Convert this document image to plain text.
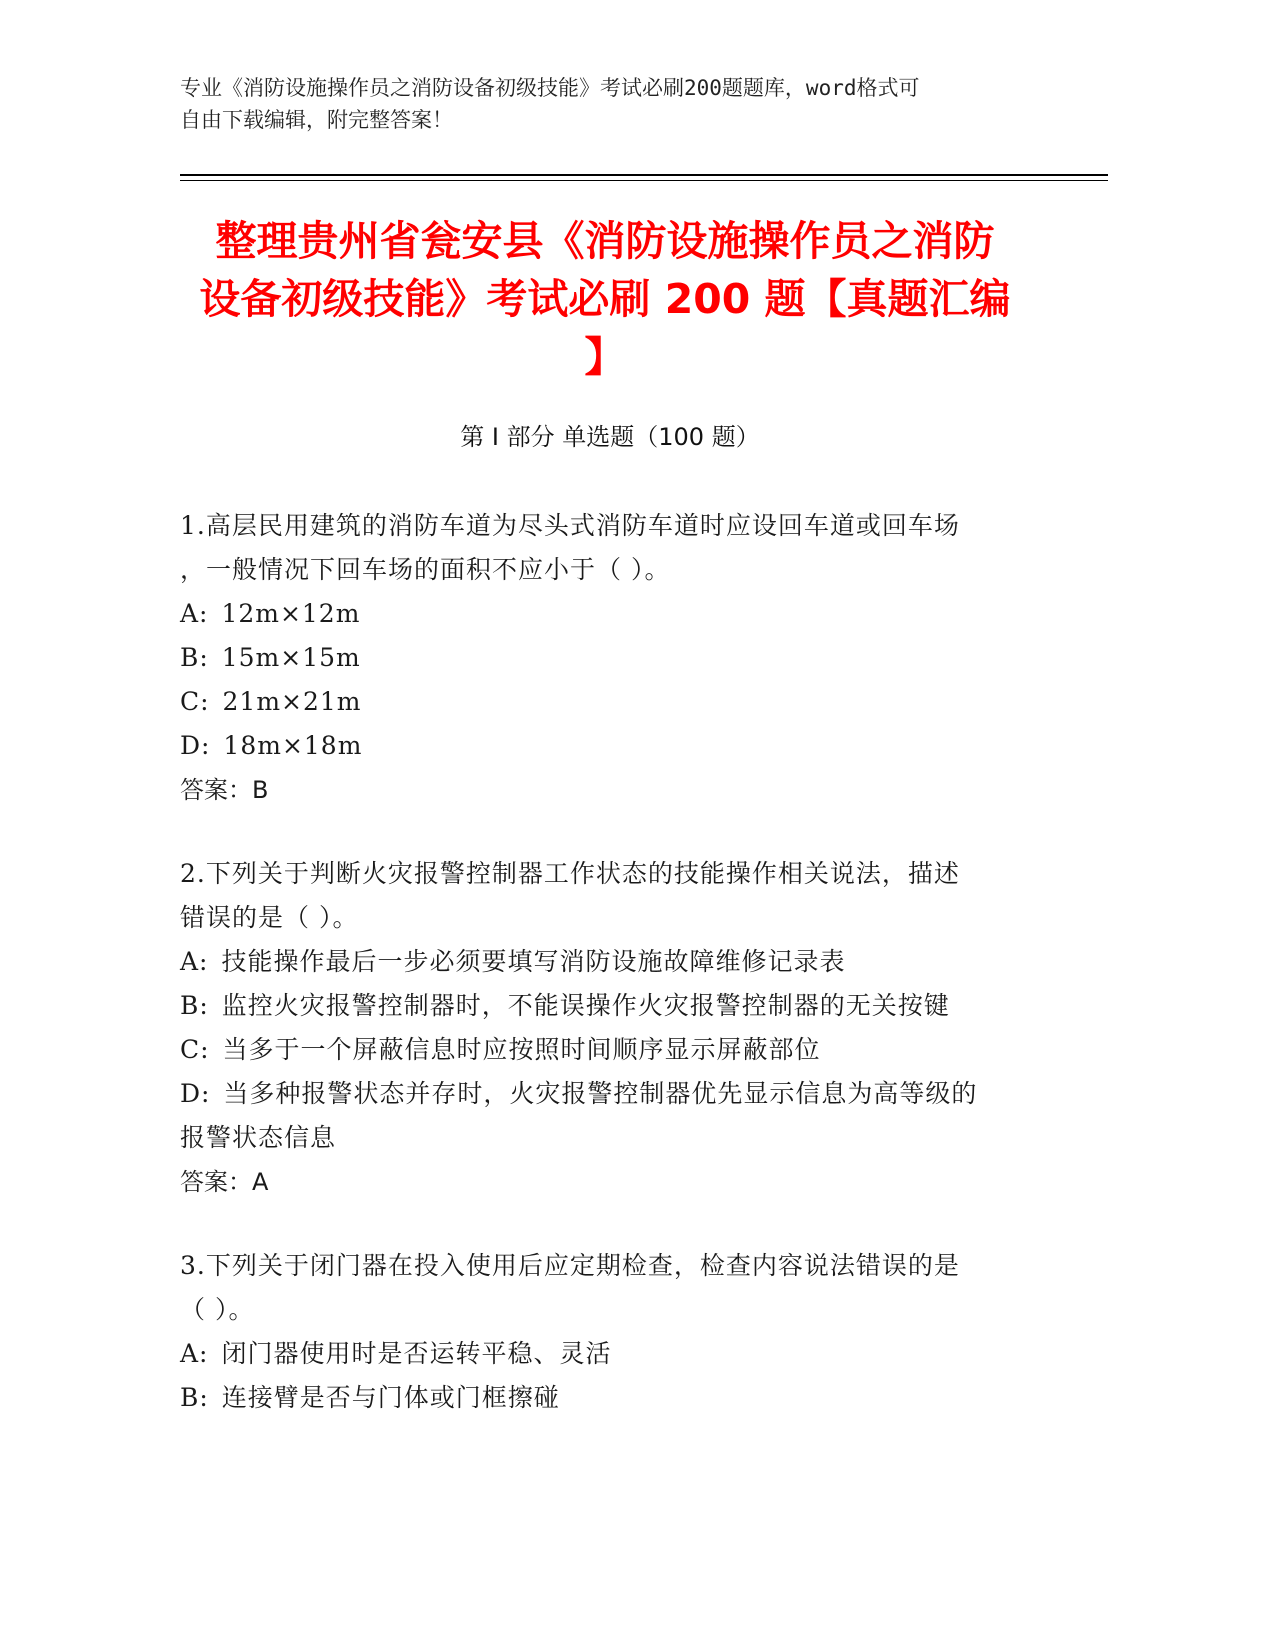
专业《消防设施操作员之消防设备初级技能》考试必刷200题题库，word格式可
自由下载编辑，附完整答案！
整理贵州省瓮安县《消防设施操作员之消防
设备初级技能》考试必刷 200 题【真题汇编
】
第 I 部分 单选题（100 题）

1.高层民用建筑的消防车道为尽头式消防车道时应设回车道或回车场

，一般情况下回车场的面积不应小于（ ）。

A: 12m×12m

B: 15m×15m

C: 21m×21m

D: 18m×18m

答案：B

2.下列关于判断火灾报警控制器工作状态的技能操作相关说法，描述

错误的是（ ）。

A: 技能操作最后一步必须要填写消防设施故障维修记录表

B: 监控火灾报警控制器时，不能误操作火灾报警控制器的无关按键

C: 当多于一个屏蔽信息时应按照时间顺序显示屏蔽部位

D: 当多种报警状态并存时，火灾报警控制器优先显示信息为高等级的

报警状态信息

答案：A

3.下列关于闭门器在投入使用后应定期检查，检查内容说法错误的是

（ ）。

A: 闭门器使用时是否运转平稳、灵活

B: 连接臂是否与门体或门框擦碰
